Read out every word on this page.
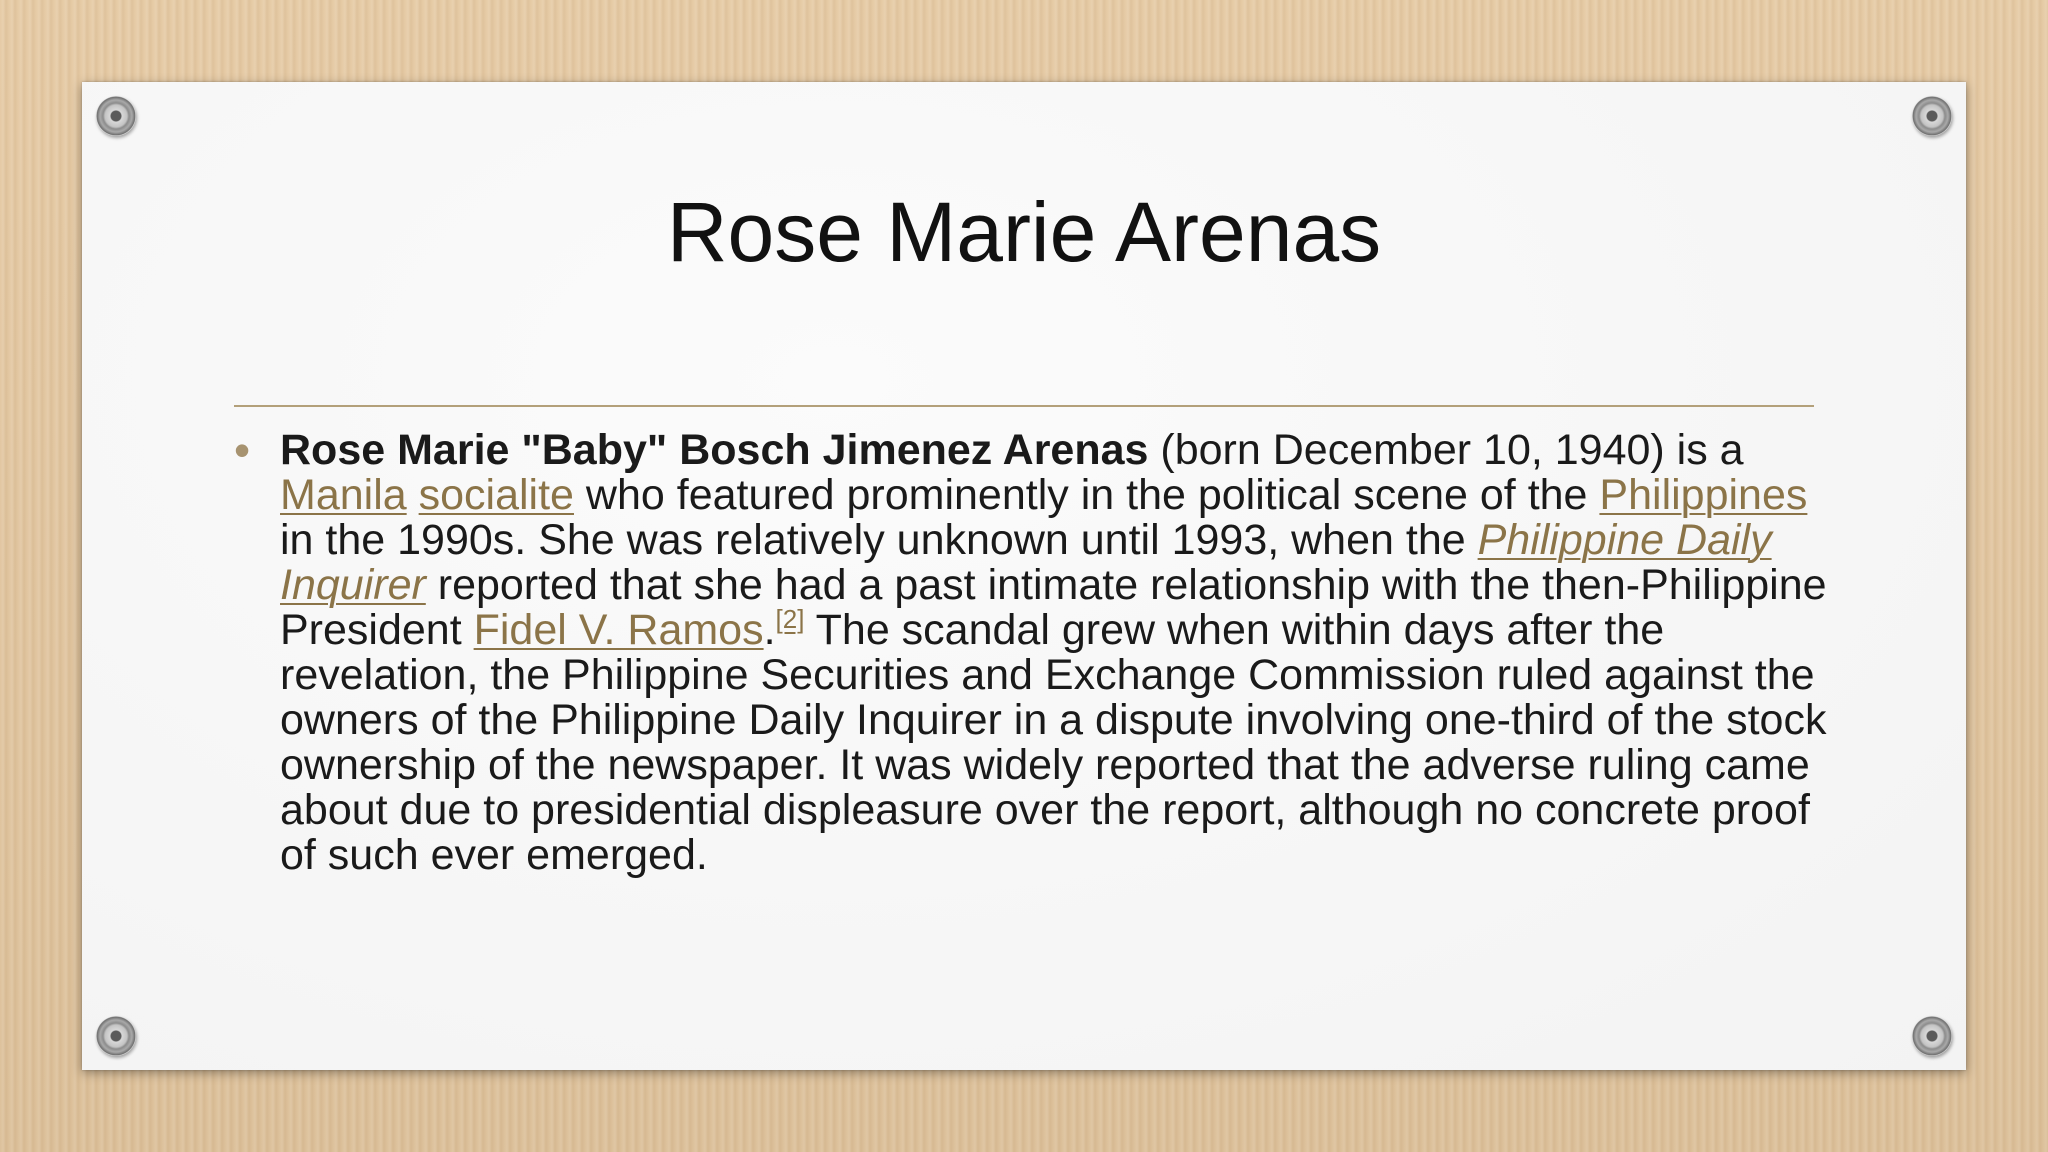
Rose Marie Arenas
• Rose Marie "Baby" Bosch Jimenez Arenas (born December 10, 1940) is a Manila socialite who featured prominently in the political scene of the Philippines in the 1990s. She was relatively unknown until 1993, when the Philippine Daily Inquirer reported that she had a past intimate relationship with the then-Philippine President Fidel V. Ramos.[2] The scandal grew when within days after the revelation, the Philippine Securities and Exchange Commission ruled against the owners of the Philippine Daily Inquirer in a dispute involving one-third of the stock ownership of the newspaper. It was widely reported that the adverse ruling came about due to presidential displeasure over the report, although no concrete proof of such ever emerged.
